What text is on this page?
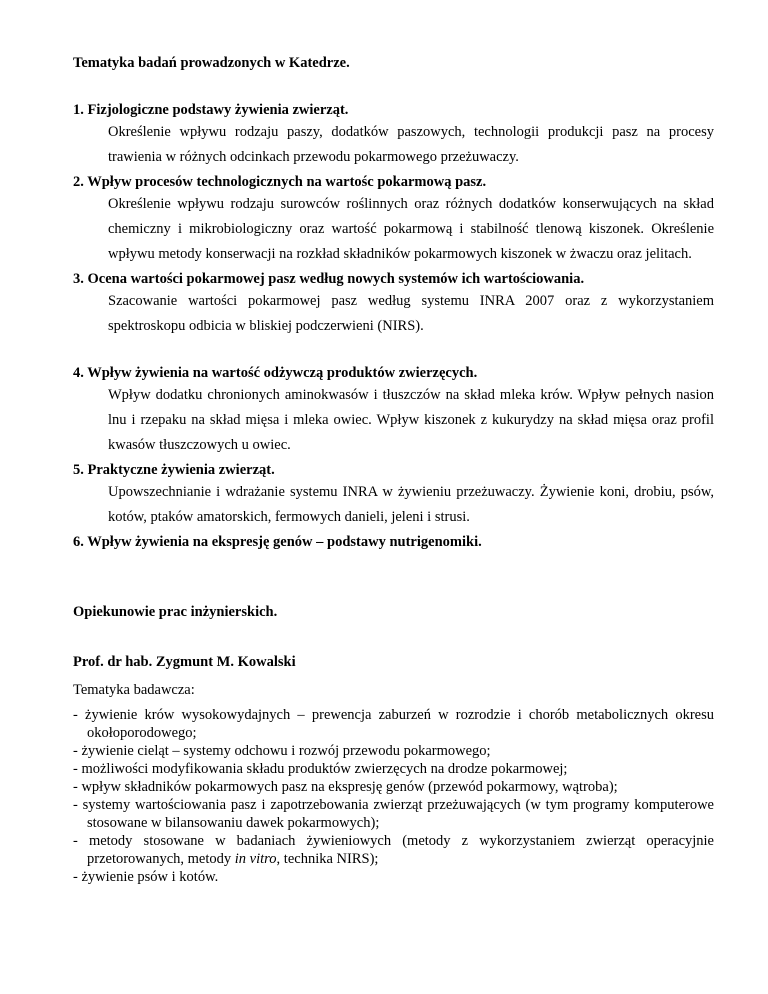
Tematyka badań prowadzonych w Katedrze.
1. Fizjologiczne podstawy żywienia zwierząt.

Określenie wpływu rodzaju paszy, dodatków paszowych, technologii produkcji pasz na procesy trawienia w różnych odcinkach przewodu pokarmowego przeżuwaczy.

2. Wpływ procesów technologicznych na wartośc pokarmową pasz.

Określenie wpływu rodzaju surowców roślinnych oraz różnych dodatków konserwujących na skład chemiczny i mikrobiologiczny oraz wartość pokarmową i stabilność tlenową kiszonek. Określenie wpływu metody konserwacji na rozkład składników pokarmowych kiszonek w żwaczu oraz jelitach.

3. Ocena wartości pokarmowej pasz według nowych systemów ich wartościowania.

Szacowanie wartości pokarmowej pasz według systemu INRA 2007 oraz z wykorzystaniem spektroskopu odbicia w bliskiej podczerwieni (NIRS).

4. Wpływ żywienia na wartość odżywczą produktów zwierzęcych.

Wpływ dodatku chronionych aminokwasów i tłuszczów na skład mleka krów. Wpływ pełnych nasion lnu i rzepaku na skład mięsa i mleka owiec. Wpływ kiszonek z kukurydzy na skład mięsa oraz profil kwasów tłuszczowych u owiec.

5. Praktyczne żywienia zwierząt.

Upowszechnianie i wdrażanie systemu INRA w żywieniu przeżuwaczy. Żywienie koni, drobiu, psów, kotów, ptaków amatorskich, fermowych danieli, jeleni i strusi.

6. Wpływ żywienia na ekspresję genów – podstawy nutrigenomiki.
Opiekunowie prac inżynierskich.
Prof. dr hab. Zygmunt M. Kowalski
Tematyka badawcza:
- żywienie krów wysokowydajnych – prewencja zaburzeń w rozrodzie i chorób metabolicznych okresu okołoporodowego;
- żywienie cieląt – systemy odchowu i rozwój przewodu pokarmowego;
- możliwości modyfikowania składu produktów zwierzęcych na drodze pokarmowej;
- wpływ składników pokarmowych pasz na ekspresję genów (przewód pokarmowy, wątroba);
- systemy wartościowania pasz i zapotrzebowania zwierząt przeżuwających (w tym programy komputerowe stosowane w bilansowaniu dawek pokarmowych);
- metody stosowane w badaniach żywieniowych (metody z wykorzystaniem zwierząt operacyjnie przetorowanych, metody in vitro, technika NIRS);
- żywienie psów i kotów.
